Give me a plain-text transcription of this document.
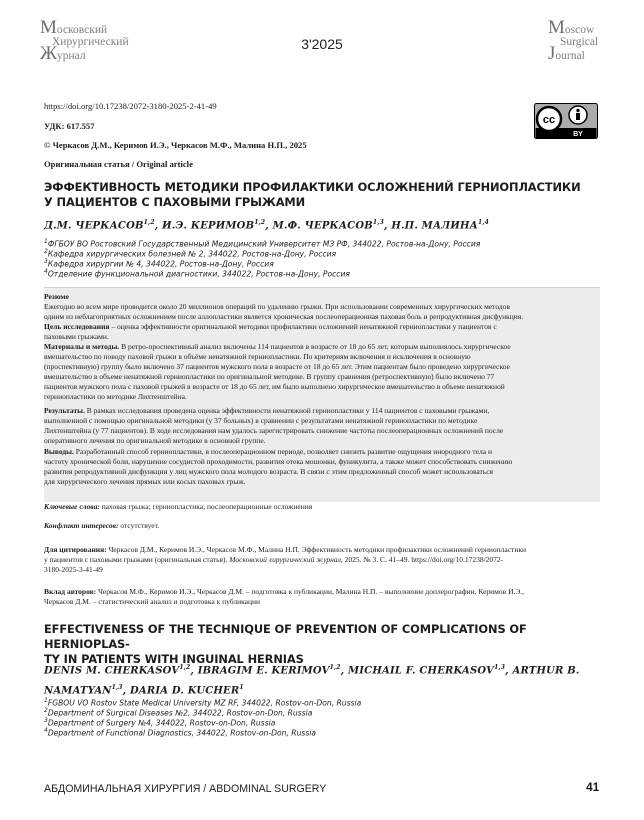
Mосковский
Хирургический
Журнал
3'2025
Moscow
Surgical
Journal
https://doi.org/10.17238/2072-3180-2025-2-41-49
УДК: 617.557
© Черкасов Д.М., Керимов И.Э., Черкасов М.Ф., Малина Н.П., 2025
Оригинальная статья / Original article
cc
BY
ЭФФЕКТИВНОСТЬ МЕТОДИКИ ПРОФИЛАКТИКИ ОСЛОЖНЕНИЙ ГЕРНИОПЛАСТИКИ
У ПАЦИЕНТОВ С ПАХОВЫМИ ГРЫЖАМИ
Д.М. ЧЕРКАСОВ$^{1,2}$, И.Э. КЕРИМОВ$^{1,2}$, М.Ф. ЧЕРКАСОВ$^{1,3}$, Н.П. МАЛИНА$^{1,4}$
$^1$ФГБОУ ВО Ростовский Государственный Медицинский Университет МЗ РФ, 344022, Ростов-на-Дону, Россия
$^2$Кафедра хирургических болезней № 2, 344022, Ростов-на-Дону, Россия
$^3$Кафедра хирургии № 4, 344022, Ростов-на-Дону, Россия
$^4$Отделение функциональной диагностики, 344022, Ростов-на-Дону, Россия
Резюме
Ежегодно во всем мире проводится около 20 миллионов операций по удалению грыжи. При использовании современных хирургических методов
одним из неблагоприятных осложнением после аллопластики является хроническая послеоперационная паховая боль и репродуктивная дисфункция.
Цель исследования – оценка эффективности оригинальной методики профилактики осложнений ненатяжной герниопластики у пациентов с
паховыми грыжами.
Материалы и методы. В ретро-проспективный анализ включены 114 пациентов в возрасте от 18 до 65 лет, которым выполнялось хирургическое
вмешательство по поводу паховой грыжи в объёме ненатяжной герниопластики. По критериям включения и исключения в основную
(проспективную) группу было включено 37 пациентов мужского пола в возрасте от 18 до 65 лет. Этим пациентам было проведено хирургическое
вмешательство в объеме ненатяжной герниопластики по оригинальной методике. В группу сравнения (ретроспективную) было включено 77
пациентов мужского пола с паховой грыжей в возрасте от 18 до 65 лет, им было выполнено хирургическое вмешательство в объеме ненатяжной
герниопластики по методике Лихтенштейна.
Результаты. В рамках исследования проведена оценка эффективности ненатяжной герниопластики у 114 пациентов с паховыми грыжами,
выполненной с помощью оригинальной методики (у 37 больных) в сравнении с результатами ненатяжной герниопластики по методике
Лихтенштейна (у 77 пациентов). В ходе исследования нам удалось зарегистрировать снижение частоты послеоперационных осложнений после
оперативного лечения по оригинальной методике в основной группе.
Выводы. Разработанный способ герниопластики, в послеоперационном периоде, позволяет снизить развитие ощущения инородного тела и
частоту хронической боли, нарушение сосудистой проходимости, развития отека мошонки, фуникулита, а также может способствовать снижению
развития репродуктивной дисфункции у лиц мужского пола молодого возраста. В связи с этим предложенный способ может использоваться
для хирургического лечения прямых или косых паховых грыж.
Ключевые слова: паховая грыжа; герниопластика; послеоперационные осложнения
Конфликт интересов: отсутствует.
Для цитирования: Черкасов Д.М., Керимов И.Э., Черкасов М.Ф., Малина Н.П. Эффективность методики профилактики осложнений герниопластики
у пациентов с паховыми грыжами (оригинальная статья). Московский хирургический журнал, 2025. № 3. С. 41–49. https://doi.org/10.17238/2072-
3180-2025-3-41-49
Вклад авторов: Черкасов М.Ф., Керимов И.Э., Черкасов Д.М. – подготовка к публикации, Малина Н.П. – выполнение доплерографии, Керимов И.Э.,
Черкасов Д.М. – статистический анализ и подготовка к публикации
EFFECTIVENESS OF THE TECHNIQUE OF PREVENTION OF COMPLICATIONS OF HERNIOPLAS-
TY IN PATIENTS WITH INGUINAL HERNIAS
DENIS M. CHERKASOV$^{1,2}$, IBRAGIM E. KERIMOV$^{1,2}$, MICHAIL F. CHERKASOV$^{1,3}$, ARTHUR B. NAMATYAN$^{1,3}$, DARIA D. KUCHER$^1$
$^1$FGBOU VO Rostov State Medical University MZ RF, 344022, Rostov-on-Don, Russia
$^2$Department of Surgical Diseases №2, 344022, Rostov-on-Don, Russia
$^3$Department of Surgery №4, 344022, Rostov-on-Don, Russia
$^4$Department of Functional Diagnostics, 344022, Rostov-on-Don, Russia
АБДОМИНАЛЬНАЯ ХИРУРГИЯ / ABDOMINAL SURGERY	41
